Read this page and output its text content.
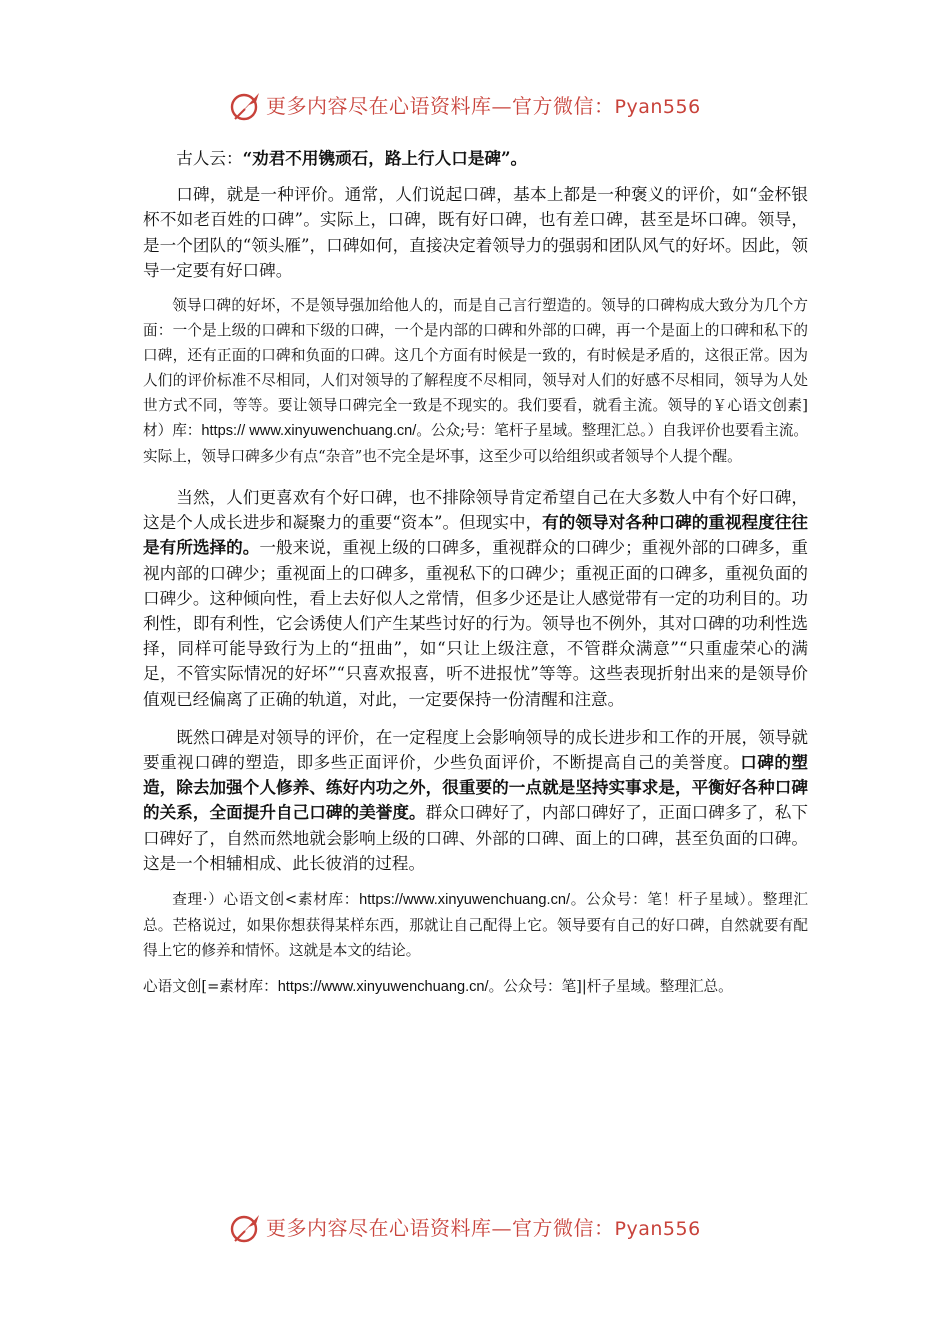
更多内容尽在心语资料库—官方微信：Pyan556

古人云：“劝君不用镌顽石，路上行人口是碑”。

口碑，就是一种评价。通常，人们说起口碑，基本上都是一种褒义的评价，如“金杯银杯不如老百姓的口碑”。实际上，口碑，既有好口碑，也有差口碑，甚至是坏口碑。领导，是一个团队的“领头雁”，口碑如何，直接决定着领导力的强弱和团队风气的好坏。因此，领导一定要有好口碑。

领导口碑的好坏，不是领导强加给他人的，而是自己言行塑造的。领导的口碑构成大致分为几个方面：一个是上级的口碑和下级的口碑，一个是内部的口碑和外部的口碑，再一个是面上的口碑和私下的口碑，还有正面的口碑和负面的口碑。这几个方面有时候是一致的，有时候是矛盾的，这很正常。因为人们的评价标准不尽相同，人们对领导的了解程度不尽相同，领导对人们的好感不尽相同，领导为人处世方式不同，等等。要让领导口碑完全一致是不现实的。我们要看，就看主流。领导的￥心语文创素]材）库：https:// www.xinyuwenchuang.cn/。公众;号：笔杆子星域。整理汇总。）自我评价也要看主流。实际上，领导口碑多少有点“杂音”也不完全是坏事，这至少可以给组织或者领导个人提个醒。

当然，人们更喜欢有个好口碑，也不排除领导肯定希望自己在大多数人中有个好口碑，这是个人成长进步和凝聚力的重要“资本”。但现实中，有的领导对各种口碑的重视程度往往是有所选择的。一般来说，重视上级的口碑多，重视群众的口碑少；重视外部的口碑多，重视内部的口碑少；重视面上的口碑多，重视私下的口碑少；重视正面的口碑多，重视负面的口碑少。这种倾向性，看上去好似人之常情，但多少还是让人感觉带有一定的功利目的。功利性，即有利性，它会诱使人们产生某些讨好的行为。领导也不例外，其对口碑的功利性选择，同样可能导致行为上的“扭曲”，如“只让上级注意，不管群众满意”“只重虚荣心的满足，不管实际情况的好坏”“只喜欢报喜，听不进报忧”等等。这些表现折射出来的是领导价值观已经偏离了正确的轨道，对此，一定要保持一份清醒和注意。

既然口碑是对领导的评价，在一定程度上会影响领导的成长进步和工作的开展，领导就要重视口碑的塑造，即多些正面评价，少些负面评价，不断提高自己的美誉度。口碑的塑造，除去加强个人修养、练好内功之外，很重要的一点就是坚持实事求是，平衡好各种口碑的关系，全面提升自己口碑的美誉度。群众口碑好了，内部口碑好了，正面口碑多了，私下口碑好了，自然而然地就会影响上级的口碑、外部的口碑、面上的口碑，甚至负面的口碑。这是一个相辅相成、此长彼消的过程。

查理·）心语文创<素材库：https://www.xinyuwenchuang.cn/。公众号：笔！杆子星域）。整理汇总。芒格说过，如果你想获得某样东西，那就让自己配得上它。领导要有自己的好口碑，自然就要有配得上它的修养和情怀。这就是本文的结论。

心语文创[=素材库：https://www.xinyuwenchuang.cn/。公众号：笔]|杆子星域。整理汇总。

更多内容尽在心语资料库—官方微信：Pyan556
